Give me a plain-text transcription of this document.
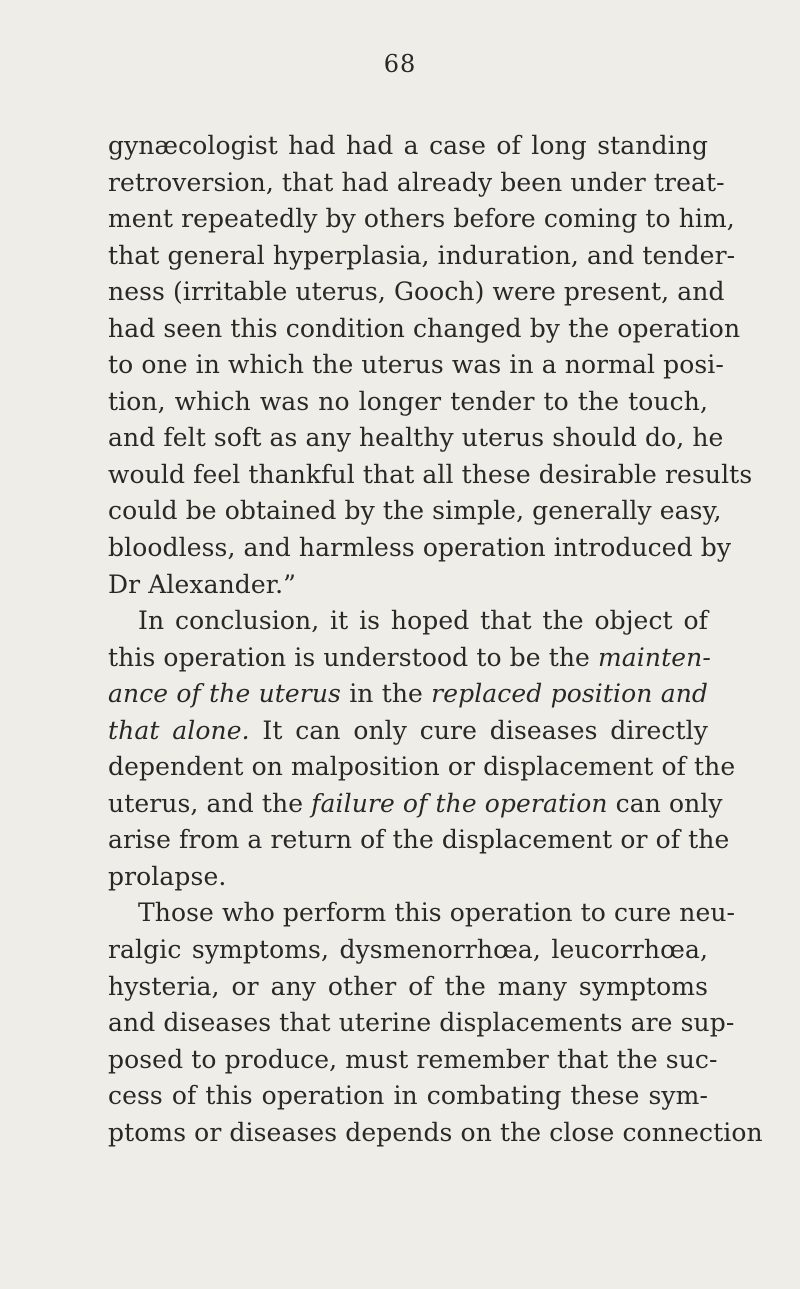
68
gynæcologist had had a case of long standing
retroversion, that had already been under treat-
ment repeatedly by others before coming to him,
that general hyperplasia, induration, and tender-
ness (irritable uterus, Gooch) were present, and
had seen this condition changed by the operation
to one in which the uterus was in a normal posi-
tion, which was no longer tender to the touch,
and felt soft as any healthy uterus should do, he
would feel thankful that all these desirable results
could be obtained by the simple, generally easy,
bloodless, and harmless operation introduced by
Dr Alexander.”
In conclusion, it is hoped that the object of
this operation is understood to be the mainten-
ance of the uterus in the replaced position and
that alone. It can only cure diseases directly
dependent on malposition or displacement of the
uterus, and the failure of the operation can only
arise from a return of the displacement or of the
prolapse.
Those who perform this operation to cure neu-
ralgic symptoms, dysmenorrhœa, leucorrhœa,
hysteria, or any other of the many symptoms
and diseases that uterine displacements are sup-
posed to produce, must remember that the suc-
cess of this operation in combating these sym-
ptoms or diseases depends on the close connection
